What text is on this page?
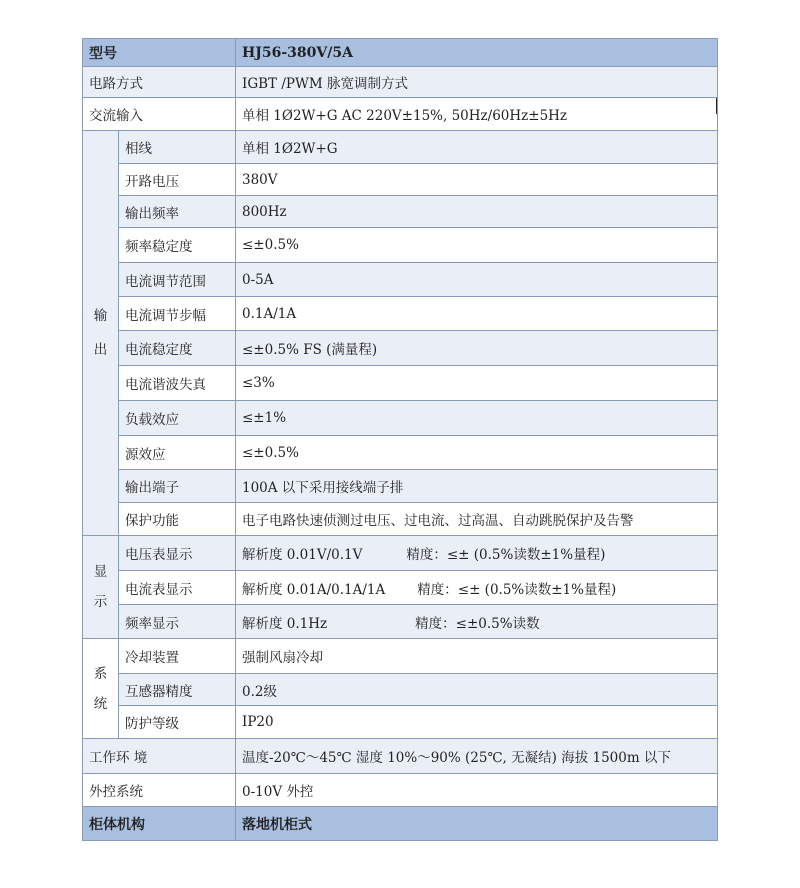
型号		HJ56-380V/5A
电路方式		IGBT /PWM 脉宽调制方式
交流输入		单相 1Ø2W+G AC 220V±15%, 50Hz/60Hz±5Hz
输出	相线	单相 1Ø2W+G
	开路电压	380V
	输出频率	800Hz
	频率稳定度	≤±0.5%
	电流调节范围	0-5A
	电流调节步幅	0.1A/1A
	电流稳定度	≤±0.5% FS (满量程)
	电流谐波失真	≤3%
	负载效应	≤±1%
	源效应	≤±0.5%
	输出端子	100A 以下采用接线端子排
	保护功能	电子电路快速侦测过电压、过电流、过高温、自动跳脱保护及告警
显示	电压表显示	解析度 0.01V/0.1V 精度：≤± (0.5%读数±1%量程)
	电流表显示	解析度 0.01A/0.1A/1A 精度：≤± (0.5%读数±1%量程)
	频率显示	解析度 0.1Hz 精度：≤±0.5%读数
系统	冷却装置	强制风扇冷却
	互感器精度	0.2级
	防护等级	IP20
工作环 境		温度-20℃～45℃ 湿度 10%～90% (25℃, 无凝结) 海拔 1500m 以下
外控系统		0-10V 外控
柜体机构		落地机柜式
